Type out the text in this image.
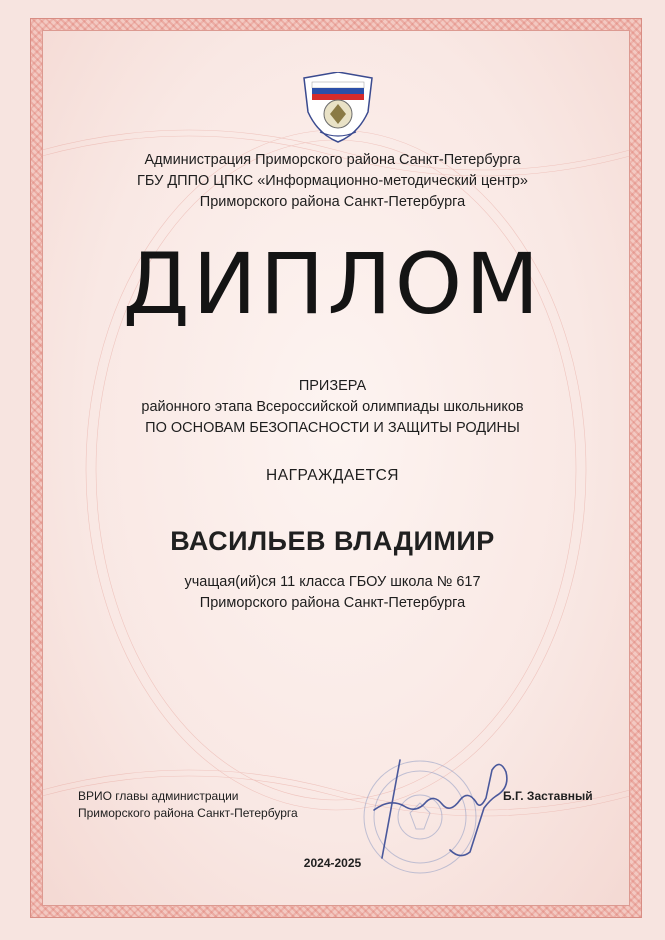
Администрация Приморского района Санкт-Петербурга
ГБУ ДППО ЦПКС «Информационно-методический центр»
Приморского района Санкт-Петербурга
ДИПЛОМ
ПРИЗЕРА
районного этапа Всероссийской олимпиады школьников
ПО ОСНОВАМ БЕЗОПАСНОСТИ И ЗАЩИТЫ РОДИНЫ
НАГРАЖДАЕТСЯ
ВАСИЛЬЕВ ВЛАДИМИР
учащая(ий)ся 11 класса ГБОУ школа № 617
Приморского района Санкт-Петербурга
ВРИО главы администрации
Приморского района Санкт-Петербурга
Б.Г. Заставный
2024-2025
